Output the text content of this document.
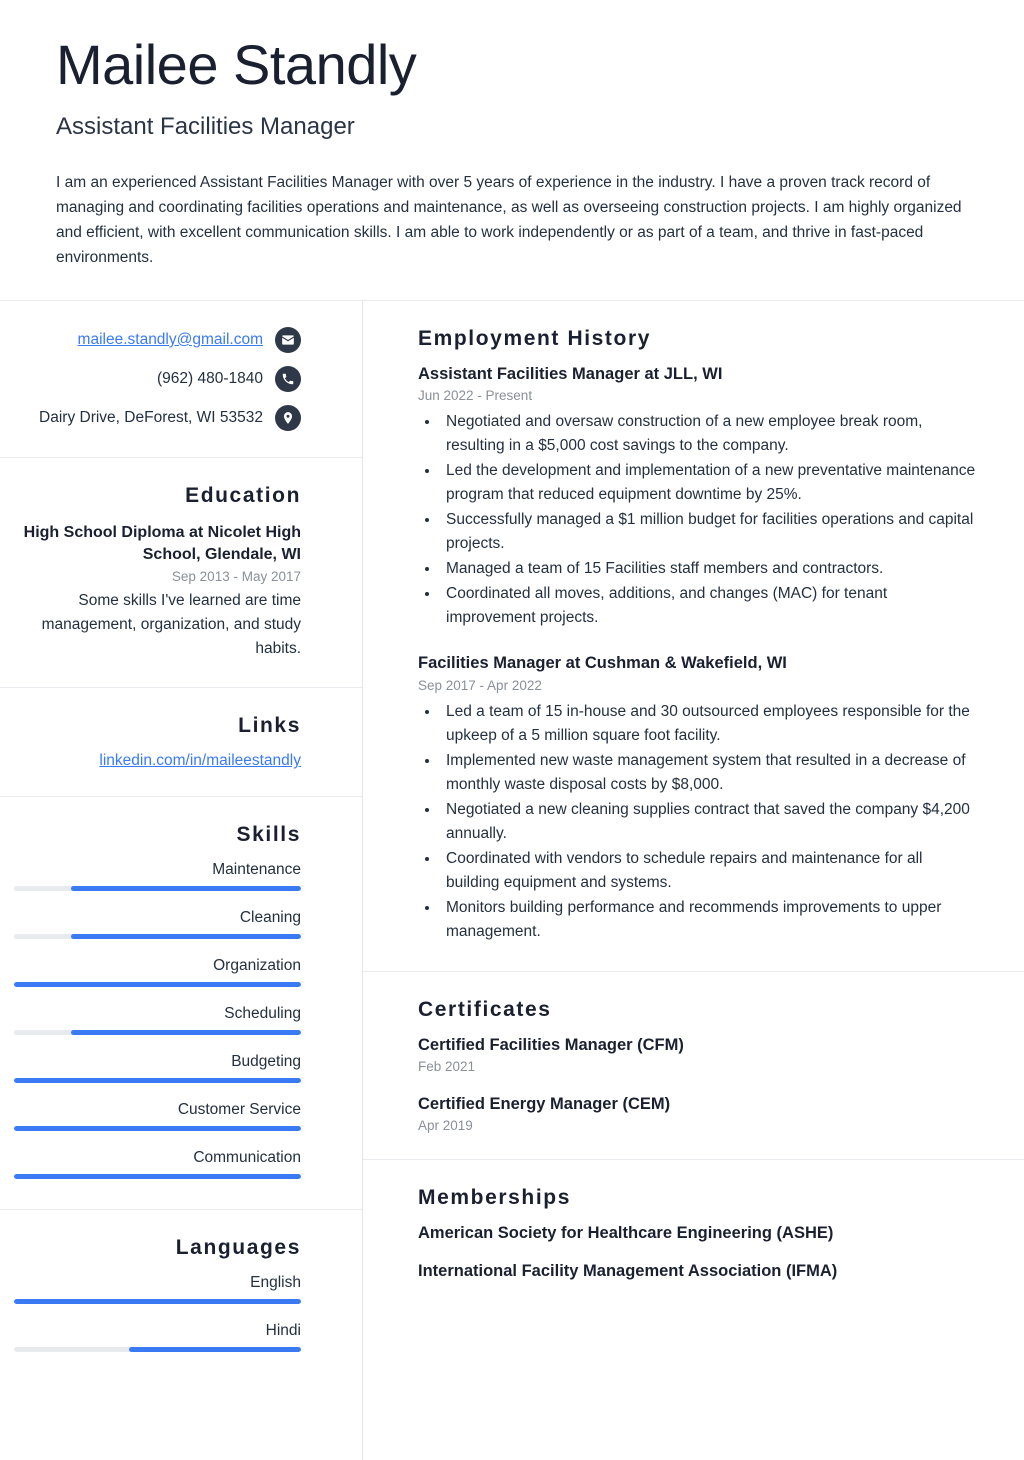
Mailee Standly
Assistant Facilities Manager

I am an experienced Assistant Facilities Manager with over 5 years of experience in the industry. I have a proven track record of managing and coordinating facilities operations and maintenance, as well as overseeing construction projects. I am highly organized and efficient, with excellent communication skills. I am able to work independently or as part of a team, and thrive in fast-paced environments.

mailee.standly@gmail.com
(962) 480-1840
Dairy Drive, DeForest, WI 53532
Education
High School Diploma at Nicolet High School, Glendale, WI
Sep 2013 - May 2017
Some skills I've learned are time management, organization, and study habits.
Links
linkedin.com/in/maileestandly
Skills
Maintenance
Cleaning
Organization
Scheduling
Budgeting
Customer Service
Communication
Languages
English
Hindi
Employment History
Assistant Facilities Manager at JLL, WI
Jun 2022 - Present
• Negotiated and oversaw construction of a new employee break room, resulting in a $5,000 cost savings to the company.
• Led the development and implementation of a new preventative maintenance program that reduced equipment downtime by 25%.
• Successfully managed a $1 million budget for facilities operations and capital projects.
• Managed a team of 15 Facilities staff members and contractors.
• Coordinated all moves, additions, and changes (MAC) for tenant improvement projects.
Facilities Manager at Cushman & Wakefield, WI
Sep 2017 - Apr 2022
• Led a team of 15 in-house and 30 outsourced employees responsible for the upkeep of a 5 million square foot facility.
• Implemented new waste management system that resulted in a decrease of monthly waste disposal costs by $8,000.
• Negotiated a new cleaning supplies contract that saved the company $4,200 annually.
• Coordinated with vendors to schedule repairs and maintenance for all building equipment and systems.
• Monitors building performance and recommends improvements to upper management.
Certificates
Certified Facilities Manager (CFM)
Feb 2021
Certified Energy Manager (CEM)
Apr 2019
Memberships
American Society for Healthcare Engineering (ASHE)
International Facility Management Association (IFMA)
